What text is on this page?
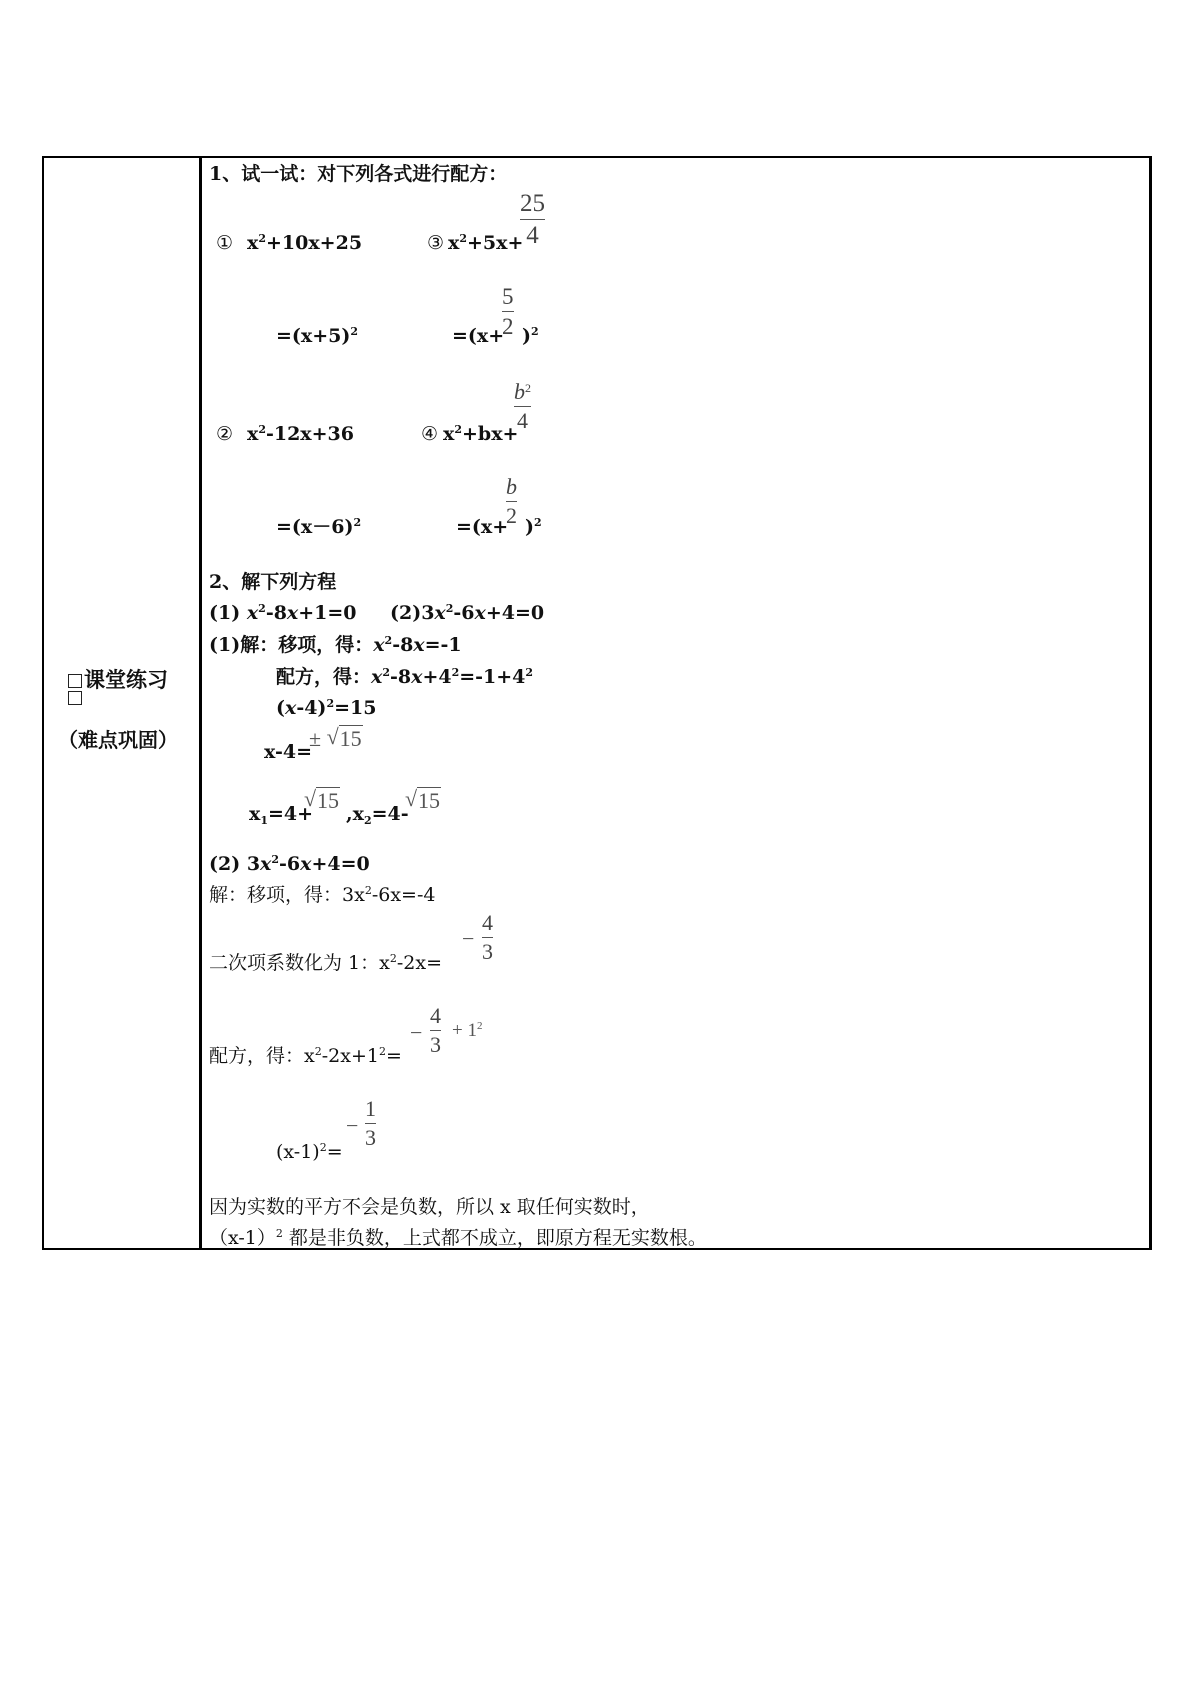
课堂练习
（难点巩固）
1、试一试：对下列各式进行配方：
① $x^2+10x+25$	③ $x^2+5x+$
25
4
$=(x+5)^2$	=(x+
5
2 )$^2$
② $x^2-12x+36$	④ $x^2+bx+$
$b^2$
4
$=(x-6)^2$	=(x+
b
2 )$^2$
2、解下列方程
(1) $x^2-8x+1=0$ $(2)3x^2-6x+4=0$
(1)解：移项，得：$x^2-8x=-1$
配方，得：$x^2-8x+4^2=-1+4^2$
$(x-4)^2=15$
x-4=
± √ 15
$x_1=4+$
√ 15
$,x_2=4-$
√ 15
(2) $3x^2-6x+4=0$
解：移项，得：$3x^2-6x=-4$
二次项系数化为 1：$x^2-2x=$
−
4
3
配方，得：$x^2-2x+1^2=$
−
4
3
+ $1^2$
$(x-1)^2=$
−
1
3
因为实数的平方不会是负数，所以 x 取任何实数时，
$(x-1)^2$ 都是非负数，上式都不成立，即原方程无实数根。
